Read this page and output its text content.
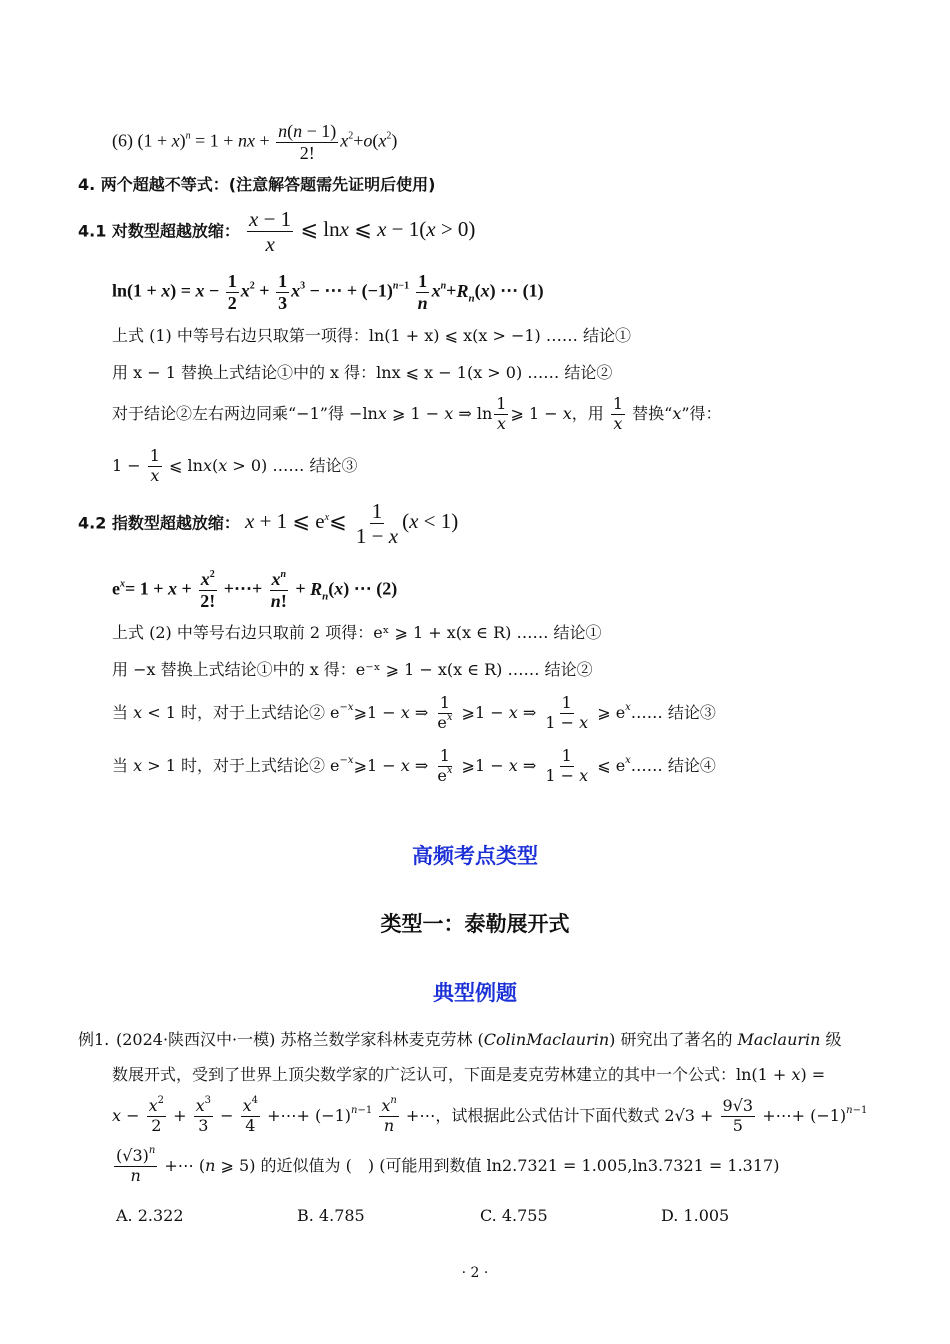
(6) $(1 + x)^n = 1$ + nx + $\frac{n(n - 1)}{2!} x^2+o(x^2)$
4. 两个超越不等式：(注意解答题需先证明后使用)
4.1 对数型超越放缩： $\frac{x - 1}{x}$ ⩽ lnx ⩽ x − 1(x > 0)
$\ln(1 + x) = x - \frac{1}{2} x^2 + \frac{1}{3} x^3$ − ⋯ + $(-1)^{n-1} \frac{1}{n} x^n+R_n(x)$ ⋯ (1)
上式 (1) 中等号右边只取第一项得：ln(1 + x) ⩽ x(x > −1) …… 结论①
用 x − 1 替换上式结论①中的 x 得：lnx ⩽ x − 1(x > 0) …… 结论②
对于结论②左右两边同乘“−1”得 −lnx ⩾ 1 − x ⇒ $\ln \frac{1}{x}$ ⩾ 1 − x，用 $\frac{1}{x}$ 替换“x”得：
$1 - \frac{1}{x}$ ⩽ lnx(x > 0) …… 结论③
4.2 指数型超越放缩： x + 1 ⩽ $e^x⩽ \frac{1}{1 - x} (x < 1)$
$e^x= 1 + x + \frac{x^2}{2!}$ +⋯+ $\frac{x^n}{n!} + R_n(x)$ ⋯ (2)
上式 (2) 中等号右边只取前 2 项得：eˣ ⩾ 1 + x(x ∈ R) …… 结论①
用 −x 替换上式结论①中的 x 得：e⁻ˣ ⩾ 1 − x(x ∈ R) …… 结论②
当 x < 1 时，对于上式结论② $e^{-x}⩾1 - x$ ⇒ $\frac{1}{e^x}$ ⩾1 − x ⇒ $\frac{1}{1 - x}$ ⩾ $e^x\dots\dots$ 结论③
当 x > 1 时，对于上式结论② $e^{-x}⩾1 - x$ ⇒ $\frac{1}{e^x}$ ⩾1 − x ⇒ $\frac{1}{1 - x}$ ⩽ $e^x\dots\dots$ 结论④
高频考点类型
类型一：泰勒展开式
典型例题
例1. (2024·陕西汉中·一模) 苏格兰数学家科林麦克劳林 (ColinMaclaurin) 研究出了著名的 Maclaurin 级
数展开式，受到了世界上顶尖数学家的广泛认可，下面是麦克劳林建立的其中一个公式：ln(1 + x) =
$x - \frac{x^2}{2} + \frac{x^3}{3} - \frac{x^4}{4}$ +⋯+ $(-1)^{n-1} \frac{x^n}{n}$ +⋯，试根据此公式估计下面代数式 $2√3 + \frac{9√3}{5}$ +⋯+ $(-1)^{n-1}$
$\frac{(√3)^n}{n}$ +⋯ (n ⩾ 5) 的近似值为 (　) (可能用到数值 ln2.7321 = 1.005,ln3.7321 = 1.317)
A. 2.322	B. 4.785	C. 4.755	D. 1.005
· 2 ·
